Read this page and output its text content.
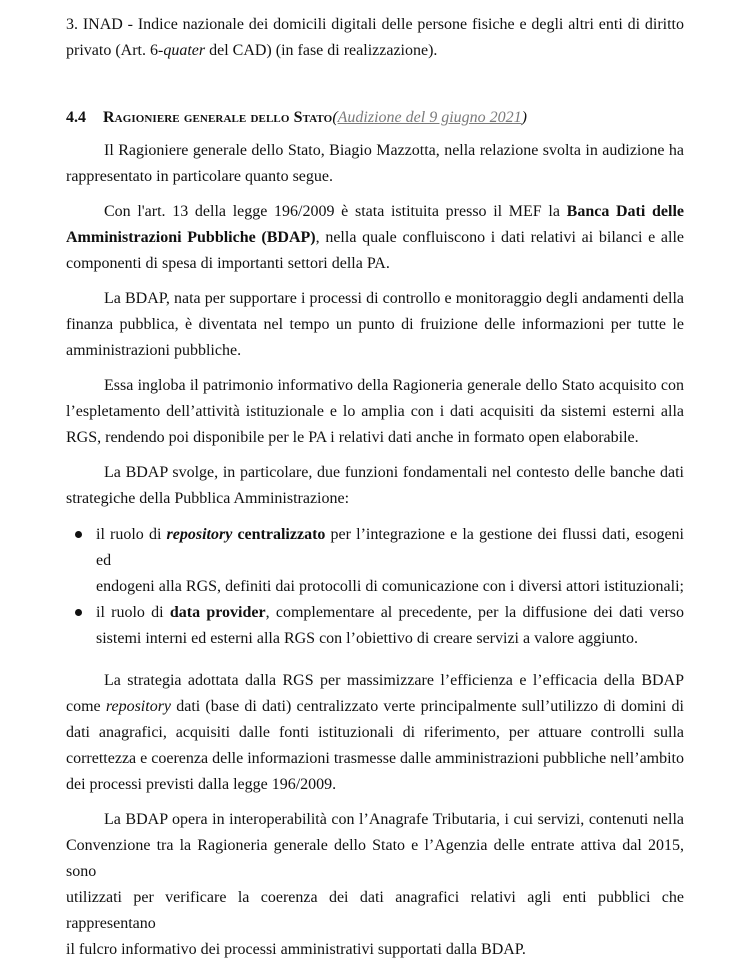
3. INAD - Indice nazionale dei domicili digitali delle persone fisiche e degli altri enti di diritto

privato (Art. 6-quater del CAD) (in fase di realizzazione).

4.4	Ragioniere generale dello Stato ( Audizione del 9 giugno 2021 )

Il Ragioniere generale dello Stato, Biagio Mazzotta, nella relazione svolta in audizione ha

rappresentato in particolare quanto segue.

Con l'art. 13 della legge 196/2009 è stata istituita presso il MEF la Banca Dati delle

Amministrazioni Pubbliche (BDAP), nella quale confluiscono i dati relativi ai bilanci e alle

componenti di spesa di importanti settori della PA.

La BDAP, nata per supportare i processi di controllo e monitoraggio degli andamenti della

finanza pubblica, è diventata nel tempo un punto di fruizione delle informazioni per tutte le

amministrazioni pubbliche.

Essa ingloba il patrimonio informativo della Ragioneria generale dello Stato acquisito con

l’espletamento dell’attività istituzionale e lo amplia con i dati acquisiti da sistemi esterni alla

RGS, rendendo poi disponibile per le PA i relativi dati anche in formato open elaborabile.

La BDAP svolge, in particolare, due funzioni fondamentali nel contesto delle banche dati

strategiche della Pubblica Amministrazione:

il ruolo di repository centralizzato per l’integrazione e la gestione dei flussi dati, esogeni ed

endogeni alla RGS, definiti dai protocolli di comunicazione con i diversi attori istituzionali;

il ruolo di data provider, complementare al precedente, per la diffusione dei dati verso

sistemi interni ed esterni alla RGS con l’obiettivo di creare servizi a valore aggiunto.

La strategia adottata dalla RGS per massimizzare l’efficienza e l’efficacia della BDAP

come repository dati (base di dati) centralizzato verte principalmente sull’utilizzo di domini di

dati anagrafici, acquisiti dalle fonti istituzionali di riferimento, per attuare controlli sulla

correttezza e coerenza delle informazioni trasmesse dalle amministrazioni pubbliche nell’ambito

dei processi previsti dalla legge 196/2009.

La BDAP opera in interoperabilità con l’Anagrafe Tributaria, i cui servizi, contenuti nella

Convenzione tra la Ragioneria generale dello Stato e l’Agenzia delle entrate attiva dal 2015, sono

utilizzati per verificare la coerenza dei dati anagrafici relativi agli enti pubblici che rappresentano

il fulcro informativo dei processi amministrativi supportati dalla BDAP.
